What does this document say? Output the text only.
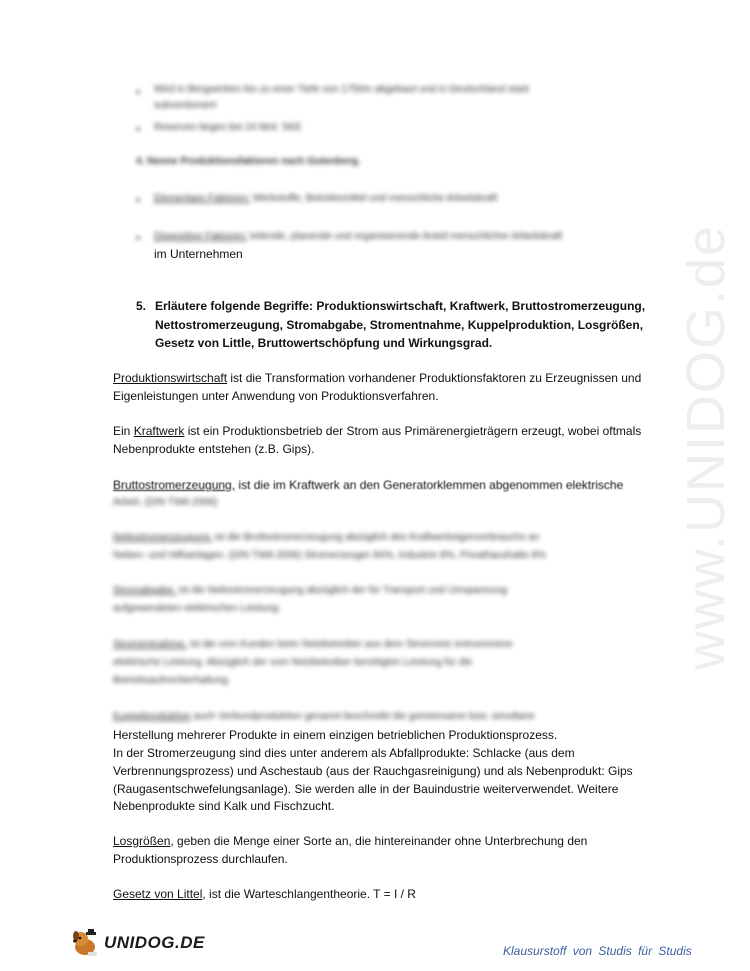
www.UNIDOG.de
• Wird in Bergwerken bis zu einer Tiefe von 1750m abgebaut und in Deutschland stark subventioniert
• Reserven liegen bei 24 Mrd. SKE
4. Nenne Produktionsfaktoren nach Gutenberg.
• Elementare Faktoren: Werkstoffe, Betriebsmittel und menschliche Arbeitskraft
• Dispositive Faktoren: leitende, planende und organisierende Anteil menschlicher Arbeitskraft
im Unternehmen
5. Erläutere folgende Begriffe: Produktionswirtschaft, Kraftwerk, Bruttostromerzeugung,
Nettostromerzeugung, Stromabgabe, Stromentnahme, Kuppelproduktion, Losgrößen,
Gesetz von Little, Bruttowertschöpfung und Wirkungsgrad.
Produktionswirtschaft ist die Transformation vorhandener Produktionsfaktoren zu Erzeugnissen und
Eigenleistungen unter Anwendung von Produktionsverfahren.
Ein Kraftwerk ist ein Produktionsbetrieb der Strom aus Primärenergieträgern erzeugt, wobei oftmals
Nebenprodukte entstehen (z.B. Gips).
Bruttostromerzeugung, ist die im Kraftwerk an den Generatorklemmen abgenommen elektrische
Arbeit. (DIN TWA 2006)
Nettostromerzeugung, ist die Bruttostromerzeugung abzüglich des Kraftwerkeigenverbrauchs an
Neben- und Hilfsanlagen. (DIN TWA 2006) Stromerzeuger 84%, Industrie 8%, Privathaushalte 8%
Stromabgabe, ist die Nettostromerzeugung abzüglich der für Transport und Umspannung
aufgewendeten elektrischen Leistung.
Stromentnahme, ist die vom Kunden beim Netzbetreiber aus dem Stromnetz entnommene
elektrische Leistung. Abzüglich der vom Netzbetreiber benötigten Leistung für die
Betriebsaufrechterhaltung.
Kuppelproduktion auch Verbundproduktion genannt beschreibt die gemeinsame bzw. simultane
Herstellung mehrerer Produkte in einem einzigen betrieblichen Produktionsprozess.
In der Stromerzeugung sind dies unter anderem als Abfallprodukte: Schlacke (aus dem
Verbrennungsprozess) und Aschestaub (aus der Rauchgasreinigung) und als Nebenprodukt: Gips
(Raugasentschwefelungsanlage). Sie werden alle in der Bauindustrie weiterverwendet. Weitere
Nebenprodukte sind Kalk und Fischzucht.
Losgrößen, geben die Menge einer Sorte an, die hintereinander ohne Unterbrechung den
Produktionsprozess durchlaufen.
Gesetz von Littel, ist die Warteschlangentheorie. T = I / R
UNIDOG.DE	Klausurstoff von Studis für Studis
